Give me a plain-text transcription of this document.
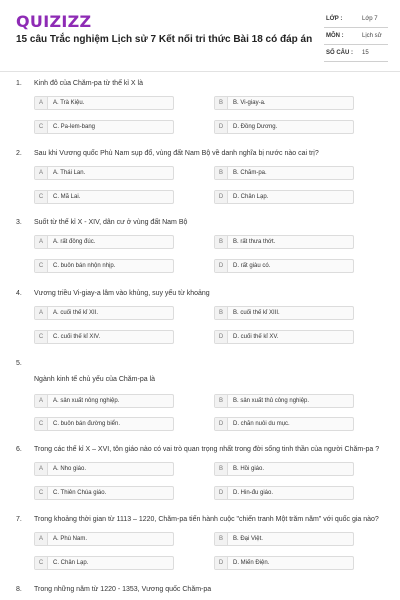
QUIZIZZ
15 câu Trắc nghiệm Lịch sử 7 Kết nối tri thức Bài 18 có đáp án
LỚP :	Lớp 7
MÔN :	Lịch sử
SỐ CÂU : 15
1. Kinh đô của Chăm-pa từ thế kỉ X là
A	A. Trà Kiệu.	B	B. Vi-giay-a.
C	C. Pa-lem-bang	D	D. Đồng Dương.
2. Sau khi Vương quốc Phù Nam sụp đổ, vùng đất Nam Bộ về danh nghĩa bị nước nào cai trị?
A	A. Thái Lan.	B	B. Chăm-pa.
C	C. Mã Lai.	D	D. Chân Lạp.
3. Suốt từ thế kỉ X - XIV, dân cư ở vùng đất Nam Bộ
A	A. rất đông đúc.	B	B. rất thưa thớt.
C	C. buôn bán nhộn nhịp.	D	D. rất giàu có.
4. Vương triều Vi-giay-a lâm vào khủng, suy yếu từ khoảng
A	A. cuối thế kỉ XII.	B	B. cuối thế kỉ XIII.
C	C. cuối thế kỉ XIV.	D	D. cuối thế kỉ XV.
5.
Ngành kinh tế chủ yếu của Chăm-pa là
A	A. sản xuất nông nghiệp.	B	B. sản xuất thủ công nghiệp.
C	C. buôn bán đường biển.	D	D. chăn nuôi du mục.
6. Trong các thế kỉ X – XVI, tôn giáo nào có vai trò quan trọng nhất trong đời sống tinh thần của người Chăm-pa ?
A	A. Nho giáo.	B	B. Hồi giáo.
C	C. Thiên Chúa giáo.	D	D. Hin-đu giáo.
7. Trong khoảng thời gian từ 1113 – 1220, Chăm-pa tiến hành cuộc "chiến tranh Một trăm năm" với quốc gia nào?
A	A. Phù Nam.	B	B. Đại Việt.
C	C. Chân Lạp.	D	D. Miến Điện.
8. Trong những năm từ 1220 - 1353, Vương quốc Chăm-pa
